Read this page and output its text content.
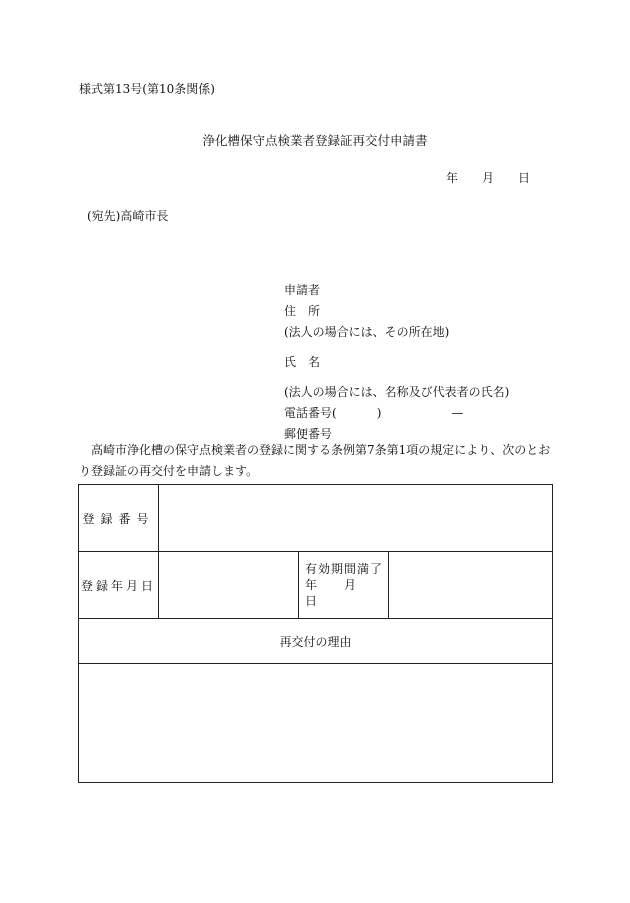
様式第13号(第10条関係)
浄化槽保守点検業者登録証再交付申請書
年 月 日
(宛先)高崎市長
申請者
住　所
(法人の場合には、その所在地)
氏　名
(法人の場合には、名称及び代表者の氏名)
電話番号(	)	—
郵便番号
高崎市浄化槽の保守点検業者の登録に関する条例第7条第1項の規定により、次のとおり登録証の再交付を申請します。
登録番号			
登録年月日		有効期間満了
年　　月　　日	

再交付の理由			
